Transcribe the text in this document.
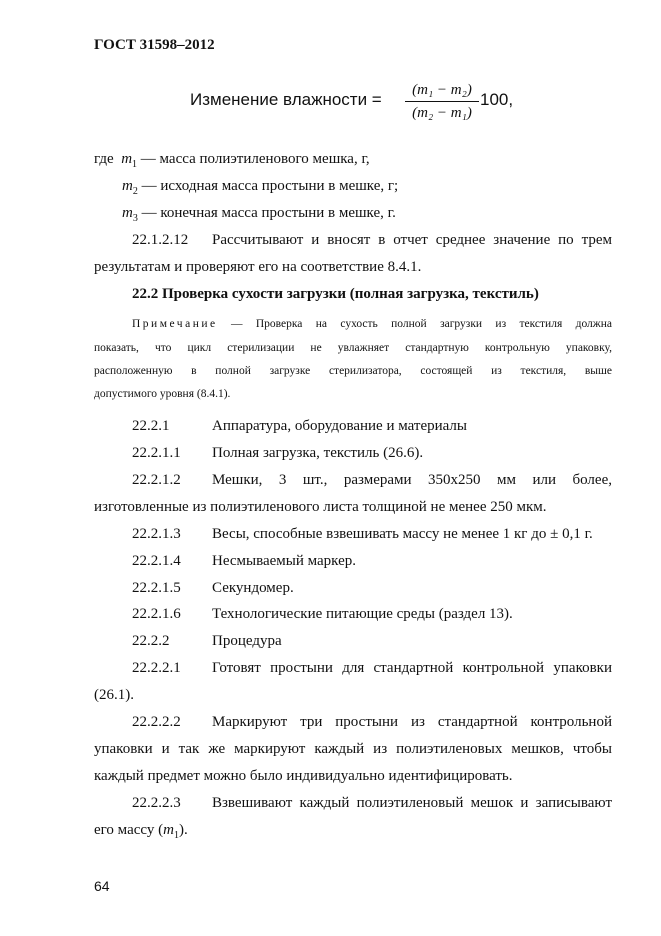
ГОСТ 31598–2012
Изменение влажности =	(m₁ − m₂)
(m₂ − m₁)
100,
где $m_1$ — масса полиэтиленового мешка, г,
$m_2$ — исходная масса простыни в мешке, г;
$m_3$ — конечная масса простыни в мешке, г.
22.1.2.12 Рассчитывают и вносят в отчет среднее значение по трем
результатам и проверяют его на соответствие 8.4.1.
22.2 Проверка сухости загрузки (полная загрузка, текстиль)
Примечание — Проверка на сухость полной загрузки из текстиля должна
показать, что цикл стерилизации не увлажняет стандартную контрольную упаковку,
расположенную в полной загрузке стерилизатора, состоящей из текстиля, выше
допустимого уровня (8.4.1).
22.2.1	Аппаратура, оборудование и материалы
22.2.1.1 Полная загрузка, текстиль (26.6).
22.2.1.2 Мешки, 3 шт., размерами 350x250 мм или более,
изготовленные из полиэтиленового листа толщиной не менее 250 мкм.
22.2.1.3 Весы, способные взвешивать массу не менее 1 кг до ± 0,1 г.
22.2.1.4 Несмываемый маркер.
22.2.1.5 Секундомер.
22.2.1.6 Технологические питающие среды (раздел 13).
22.2.2	Процедура
22.2.2.1 Готовят простыни для стандартной контрольной упаковки
(26.1).
22.2.2.2 Маркируют три простыни из стандартной контрольной
упаковки и так же маркируют каждый из полиэтиленовых мешков, чтобы
каждый предмет можно было индивидуально идентифицировать.
22.2.2.3 Взвешивают каждый полиэтиленовый мешок и записывают
его массу $(m_1)$.
64
